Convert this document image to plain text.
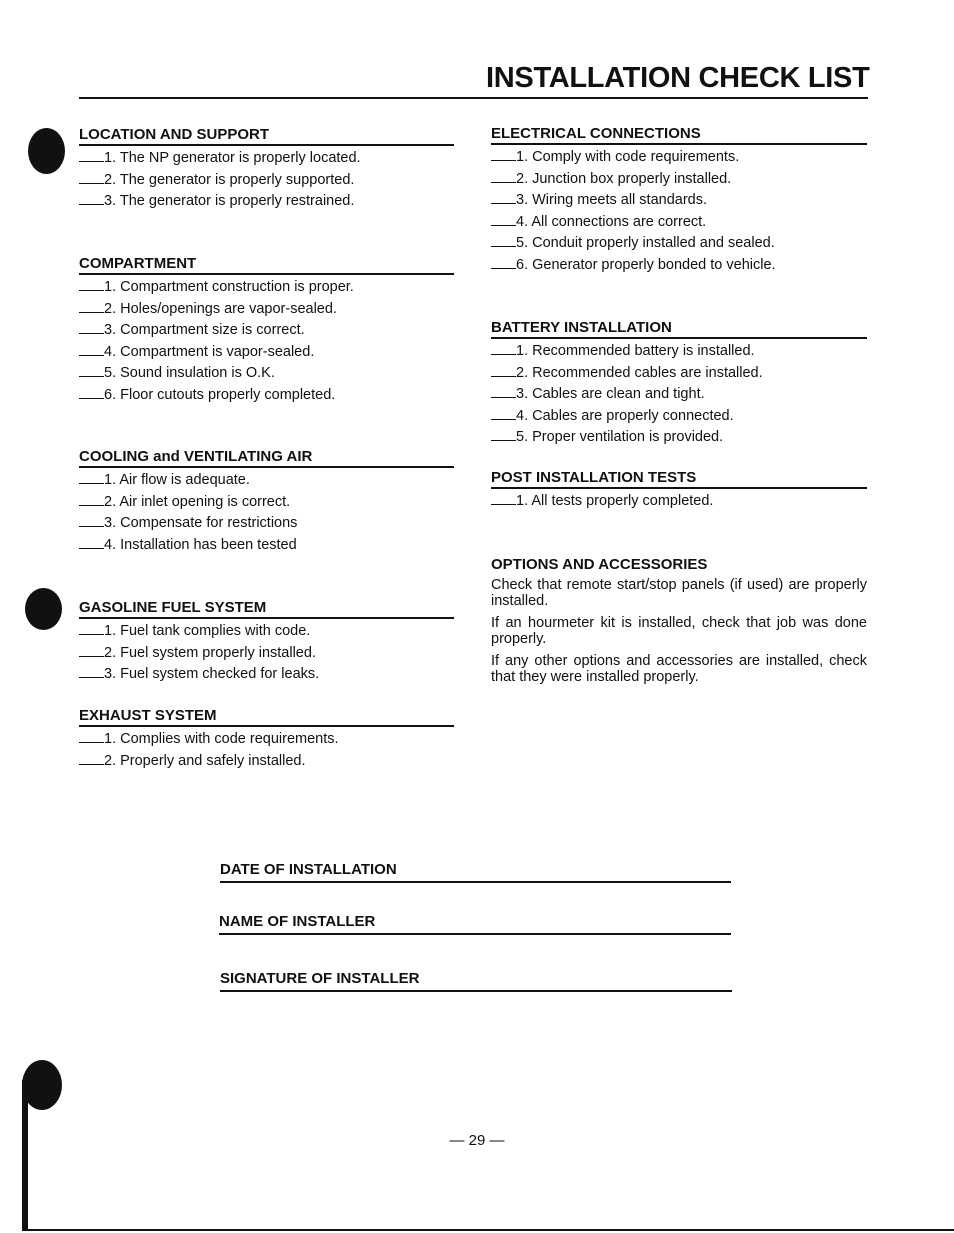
INSTALLATION CHECK LIST
LOCATION AND SUPPORT
1. The NP generator is properly located.
2. The generator is properly supported.
3. The generator is properly restrained.
COMPARTMENT
1. Compartment construction is proper.
2. Holes/openings are vapor-sealed.
3. Compartment size is correct.
4. Compartment is vapor-sealed.
5. Sound insulation is O.K.
6. Floor cutouts properly completed.
COOLING and VENTILATING AIR
1. Air flow is adequate.
2. Air inlet opening is correct.
3. Compensate for restrictions
4. Installation has been tested
GASOLINE FUEL SYSTEM
1. Fuel tank complies with code.
2. Fuel system properly installed.
3. Fuel system checked for leaks.
EXHAUST SYSTEM
1. Complies with code requirements.
2. Properly and safely installed.
ELECTRICAL CONNECTIONS
1. Comply with code requirements.
2. Junction box properly installed.
3. Wiring meets all standards.
4. All connections are correct.
5. Conduit properly installed and sealed.
6. Generator properly bonded to vehicle.
BATTERY INSTALLATION
1. Recommended battery is installed.
2. Recommended cables are installed.
3. Cables are clean and tight.
4. Cables are properly connected.
5. Proper ventilation is provided.
POST INSTALLATION TESTS
1. All tests properly completed.
OPTIONS AND ACCESSORIES

Check that remote start/stop panels (if used) are properly installed.

If an hourmeter kit is installed, check that job was done properly.

If any other options and accessories are installed, check that they were installed properly.

DATE OF INSTALLATION
NAME OF INSTALLER
SIGNATURE OF INSTALLER
— 29 —
